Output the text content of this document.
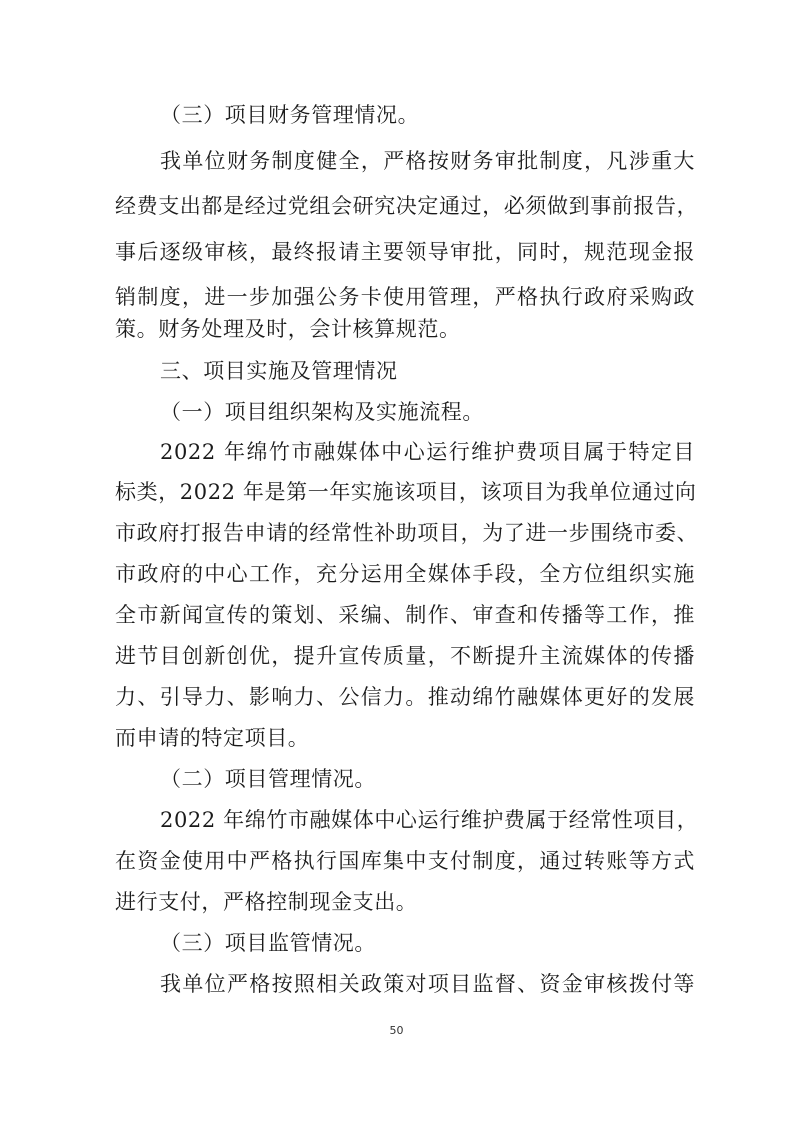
（三）项目财务管理情况。
我单位财务制度健全，严格按财务审批制度，凡涉重大
经费支出都是经过党组会研究决定通过，必须做到事前报告，
事后逐级审核，最终报请主要领导审批，同时，规范现金报
销制度，进一步加强公务卡使用管理，严格执行政府采购政
策。财务处理及时，会计核算规范。
三、项目实施及管理情况
（一）项目组织架构及实施流程。
2022 年绵竹市融媒体中心运行维护费项目属于特定目
标类，2022 年是第一年实施该项目，该项目为我单位通过向
市政府打报告申请的经常性补助项目，为了进一步围绕市委、
市政府的中心工作，充分运用全媒体手段，全方位组织实施
全市新闻宣传的策划、采编、制作、审查和传播等工作，推
进节目创新创优，提升宣传质量，不断提升主流媒体的传播
力、引导力、影响力、公信力。推动绵竹融媒体更好的发展
而申请的特定项目。
（二）项目管理情况。
2022 年绵竹市融媒体中心运行维护费属于经常性项目，
在资金使用中严格执行国库集中支付制度，通过转账等方式
进行支付，严格控制现金支出。
（三）项目监管情况。
我单位严格按照相关政策对项目监督、资金审核拨付等
50
